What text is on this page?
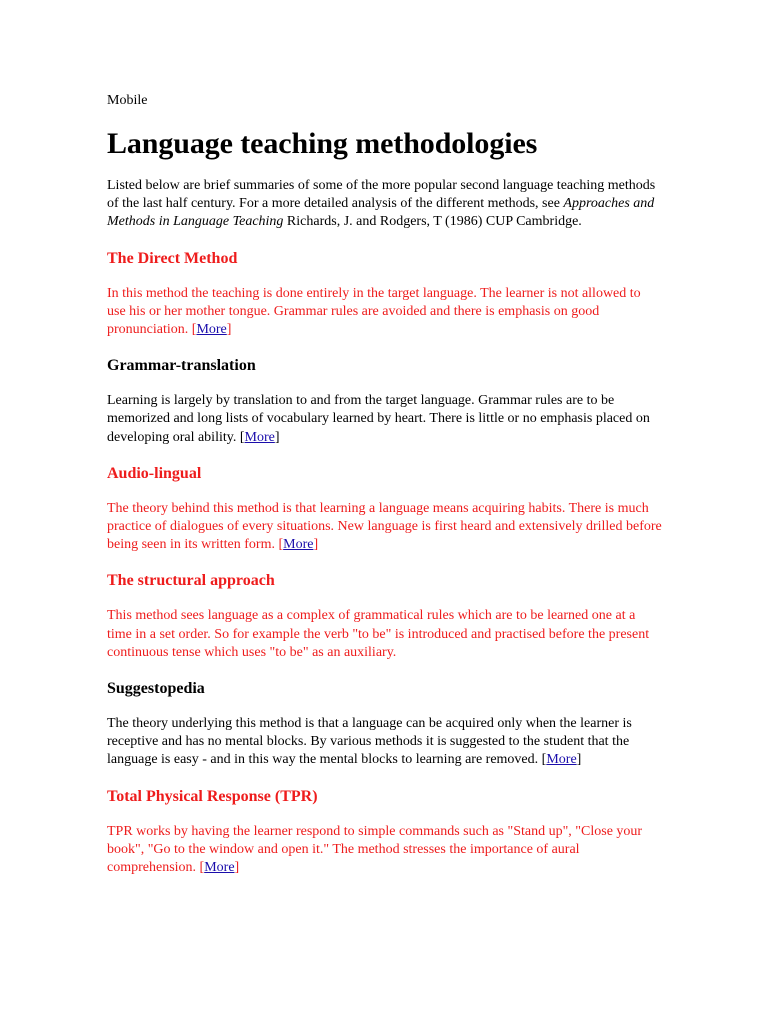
Mobile
Language teaching methodologies

Listed below are brief summaries of some of the more popular second language teaching methods of the last half century. For a more detailed analysis of the different methods, see Approaches and Methods in Language Teaching Richards, J. and Rodgers, T (1986) CUP Cambridge.

The Direct Method

In this method the teaching is done entirely in the target language. The learner is not allowed to use his or her mother tongue. Grammar rules are avoided and there is emphasis on good pronunciation. [More]

Grammar-translation

Learning is largely by translation to and from the target language. Grammar rules are to be memorized and long lists of vocabulary learned by heart. There is little or no emphasis placed on developing oral ability. [More]

Audio-lingual

The theory behind this method is that learning a language means acquiring habits. There is much practice of dialogues of every situations. New language is first heard and extensively drilled before being seen in its written form. [More]

The structural approach

This method sees language as a complex of grammatical rules which are to be learned one at a time in a set order. So for example the verb "to be" is introduced and practised before the present continuous tense which uses "to be" as an auxiliary.

Suggestopedia

The theory underlying this method is that a language can be acquired only when the learner is receptive and has no mental blocks. By various methods it is suggested to the student that the language is easy - and in this way the mental blocks to learning are removed. [More]

Total Physical Response (TPR)

TPR works by having the learner respond to simple commands such as "Stand up", "Close your book", "Go to the window and open it." The method stresses the importance of aural comprehension. [More]
